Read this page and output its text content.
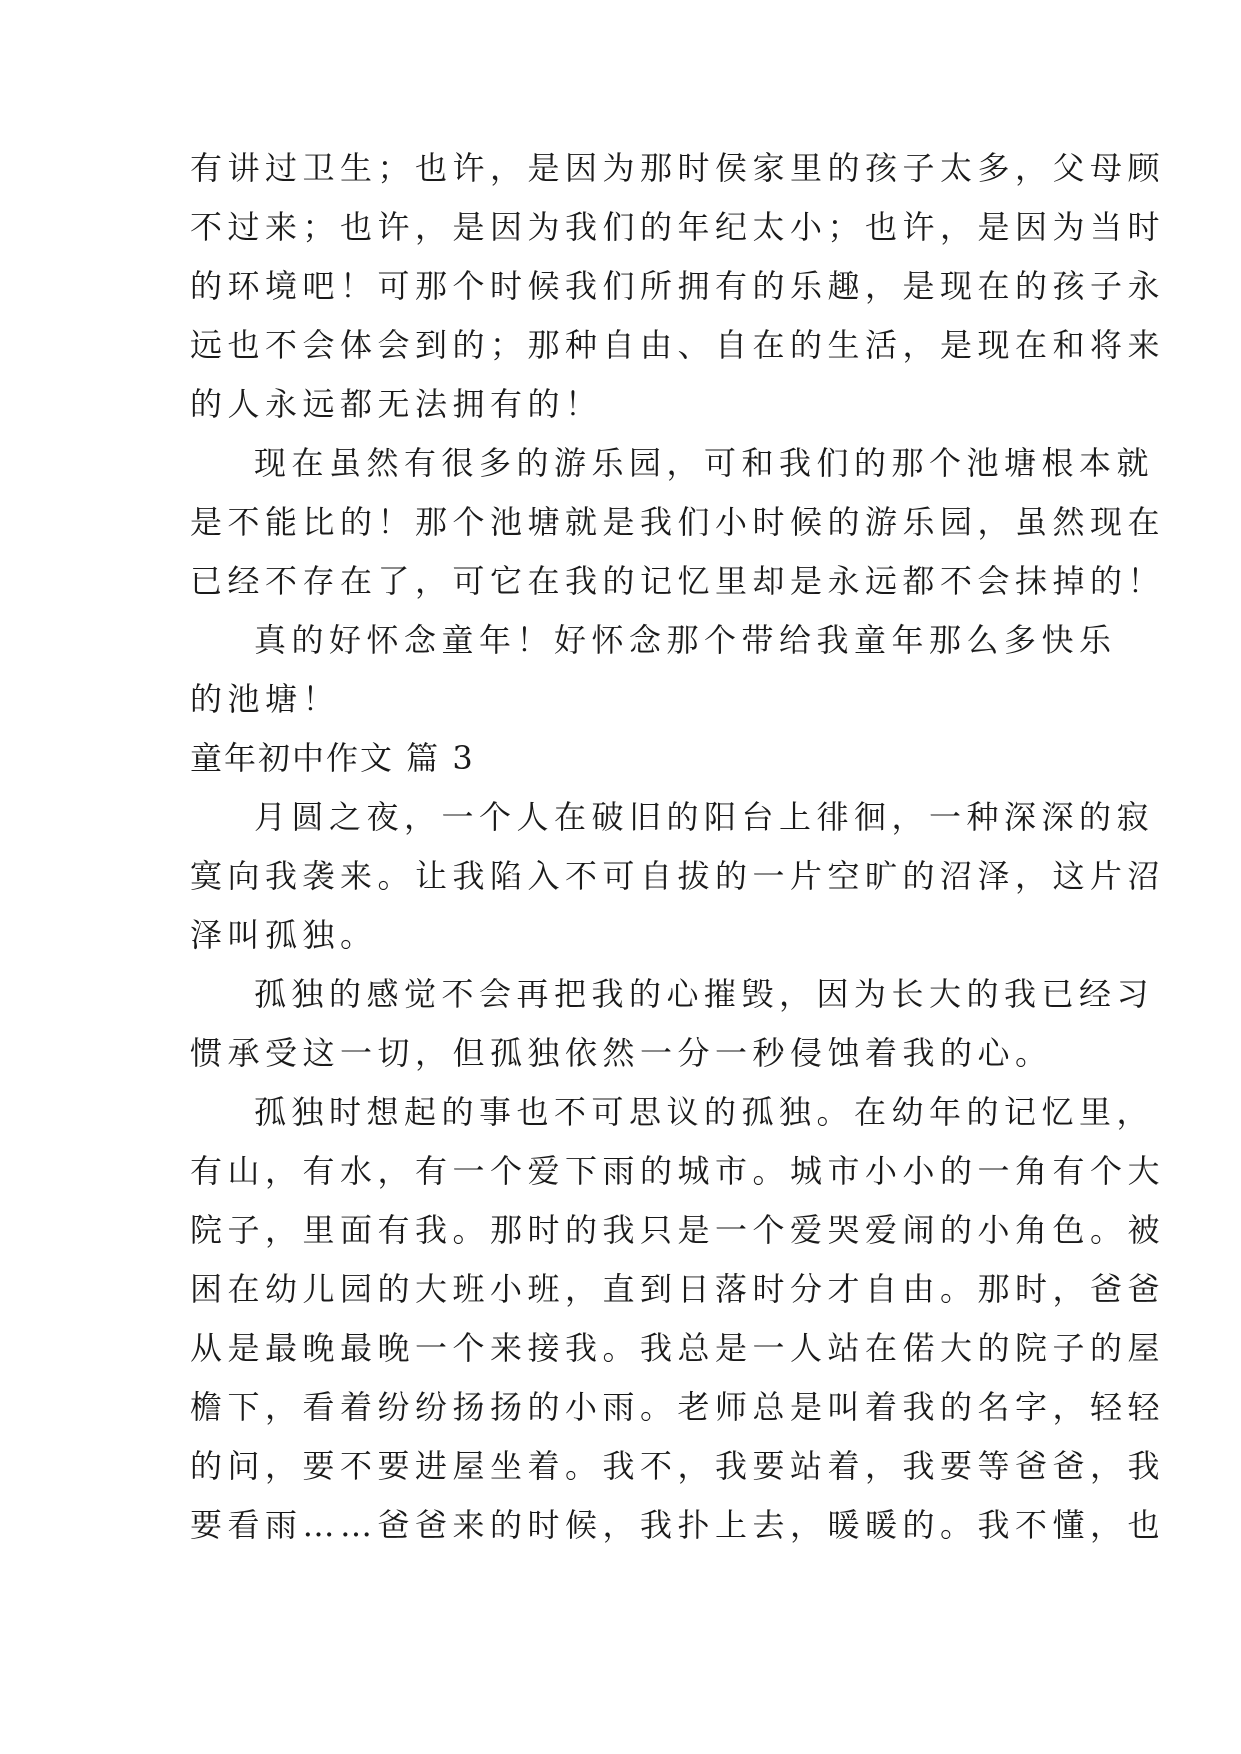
有讲过卫生；也许，是因为那时侯家里的孩子太多，父母顾

不过来；也许，是因为我们的年纪太小；也许，是因为当时

的环境吧！可那个时候我们所拥有的乐趣，是现在的孩子永

远也不会体会到的；那种自由、自在的生活，是现在和将来

的人永远都无法拥有的！

现在虽然有很多的游乐园，可和我们的那个池塘根本就

是不能比的！那个池塘就是我们小时候的游乐园，虽然现在

已经不存在了，可它在我的记忆里却是永远都不会抹掉的！

真的好怀念童年！好怀念那个带给我童年那么多快乐

的池塘！

童年初中作文 篇 3

月圆之夜，一个人在破旧的阳台上徘徊，一种深深的寂

寞向我袭来。让我陷入不可自拔的一片空旷的沼泽，这片沼

泽叫孤独。

孤独的感觉不会再把我的心摧毁，因为长大的我已经习

惯承受这一切，但孤独依然一分一秒侵蚀着我的心。

孤独时想起的事也不可思议的孤独。在幼年的记忆里，

有山，有水，有一个爱下雨的城市。城市小小的一角有个大

院子，里面有我。那时的我只是一个爱哭爱闹的小角色。被

困在幼儿园的大班小班，直到日落时分才自由。那时，爸爸

从是最晚最晚一个来接我。我总是一人站在偌大的院子的屋

檐下，看着纷纷扬扬的小雨。老师总是叫着我的名字，轻轻

的问，要不要进屋坐着。我不，我要站着，我要等爸爸，我

要看雨……爸爸来的时候，我扑上去，暖暖的。我不懂，也
